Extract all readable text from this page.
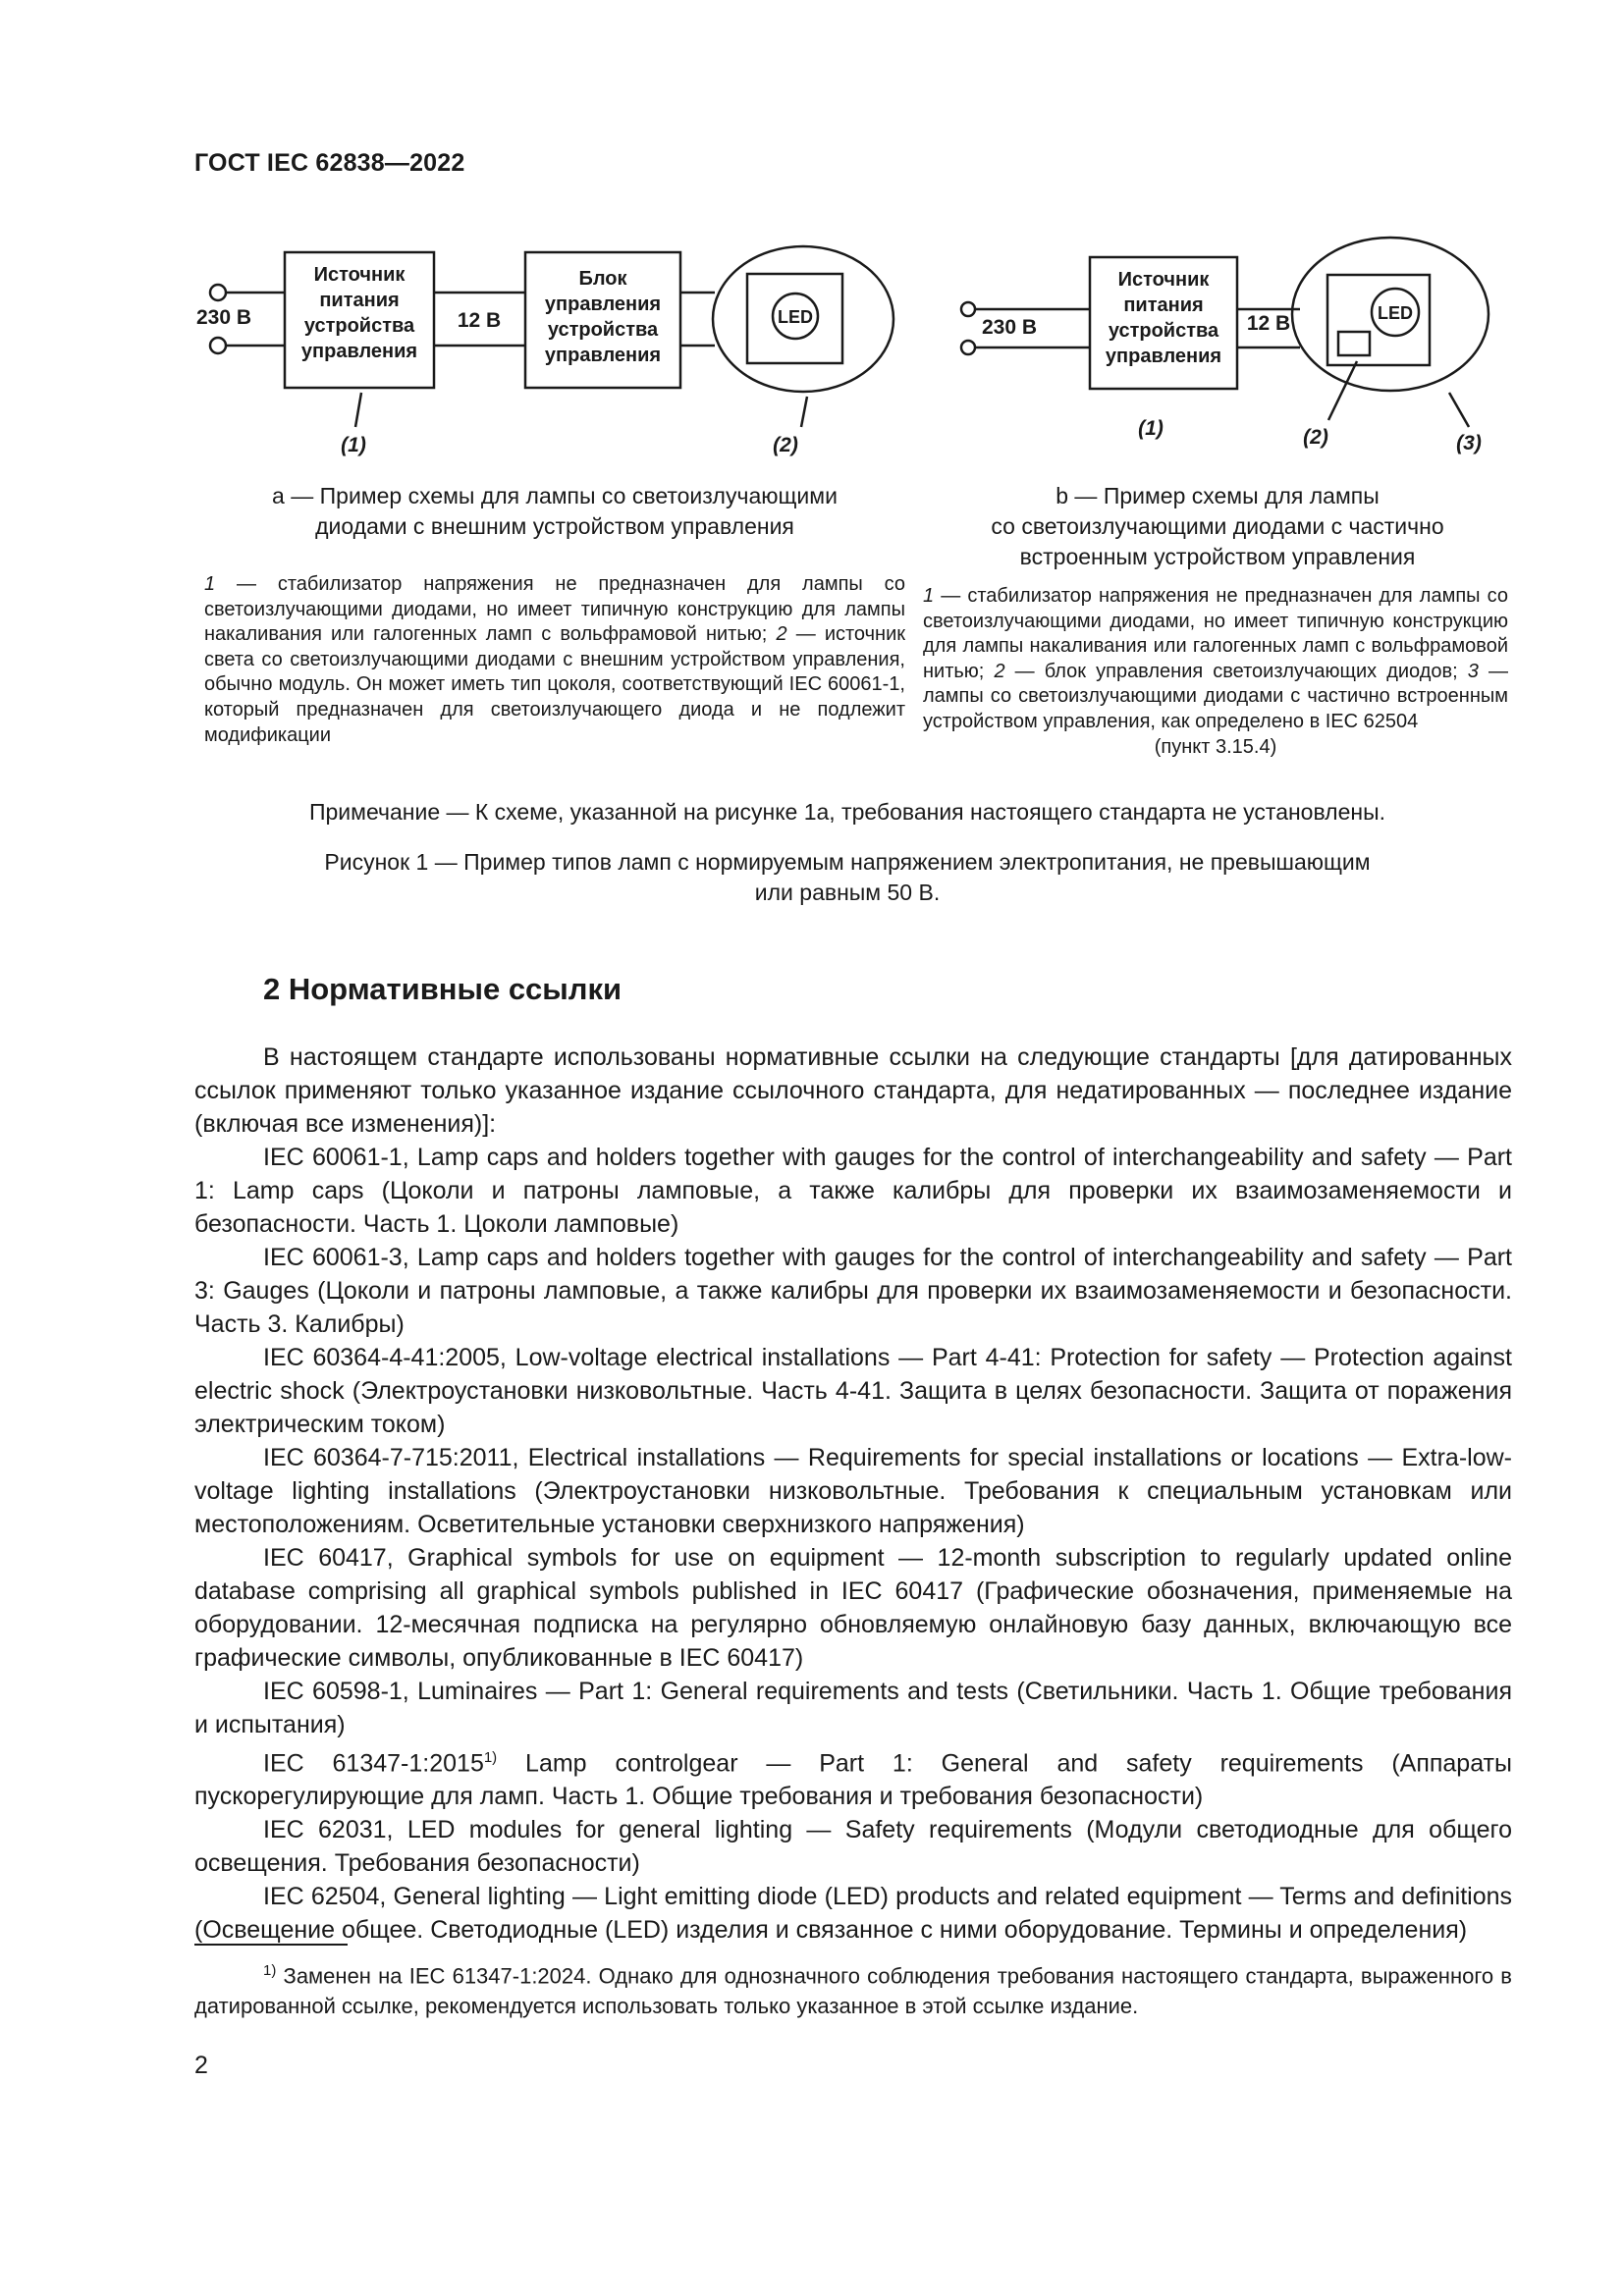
ГОСТ IEC 62838—2022
230 В
Источник
питания
устройства
управления
12 В
Блок
управления
устройства
управления
LED
(1)	(2)
230 В
Источник
питания
устройства
управления
12 В	LED
(1)	(2)	(3)
a — Пример схемы для лампы со светоизлучающими
диодами с внешним устройством управления
b — Пример схемы для лампы
со светоизлучающими диодами с частично
встроенным устройством управления

1 — стабилизатор напряжения не предназначен для лампы со светоизлучающими диодами, но имеет типичную конструкцию для лампы накаливания или галогенных ламп с вольфрамовой нитью; 2 — источник света со светоизлучающими диодами с внешним устройством управления, обычно модуль. Он может иметь тип цоколя, соответствующий IEC 60061-1, который предназначен для светоизлучающего диода и не подлежит модификации

1 — стабилизатор напряжения не предназначен для лампы со светоизлучающими диодами, но имеет типичную конструкцию для лампы накаливания или галогенных ламп с вольфрамовой нитью; 2 — блок управления светоизлучающих диодов; 3 — лампы со светоизлучающими диодами с частично встроенным устройством управления, как определено в IEC 62504

(пункт 3.15.4)

Примечание — К схеме, указанной на рисунке 1а, требования настоящего стандарта не установлены.
Рисунок 1 — Пример типов ламп с нормируемым напряжением электропитания, не превышающим
или равным 50 В.
2 Нормативные ссылки

В настоящем стандарте использованы нормативные ссылки на следующие стандарты [для датированных ссылок применяют только указанное издание ссылочного стандарта, для недатированных — последнее издание (включая все изменения)]:

IEC 60061-1, Lamp caps and holders together with gauges for the control of interchangeability and safety — Part 1: Lamp caps (Цоколи и патроны ламповые, а также калибры для проверки их взаимозаменяемости и безопасности. Часть 1. Цоколи ламповые)

IEC 60061-3, Lamp caps and holders together with gauges for the control of interchangeability and safety — Part 3: Gauges (Цоколи и патроны ламповые, а также калибры для проверки их взаимозаменяемости и безопасности. Часть 3. Калибры)

IEC 60364-4-41:2005, Low-voltage electrical installations — Part 4-41: Protection for safety — Protection against electric shock (Электроустановки низковольтные. Часть 4-41. Защита в целях безопасности. Защита от поражения электрическим током)

IEC 60364-7-715:2011, Electrical installations — Requirements for special installations or locations — Extra-low-voltage lighting installations (Электроустановки низковольтные. Требования к специальным установкам или местоположениям. Осветительные установки сверхнизкого напряжения)

IEC 60417, Graphical symbols for use on equipment — 12-month subscription to regularly updated online database comprising all graphical symbols published in IEC 60417 (Графические обозначения, применяемые на оборудовании. 12-месячная подписка на регулярно обновляемую онлайновую базу данных, включающую все графические символы, опубликованные в IEC 60417)

IEC 60598-1, Luminaires — Part 1: General requirements and tests (Светильники. Часть 1. Общие требования и испытания)

IEC 61347-1:2015$^{1)}$ Lamp controlgear — Part 1: General and safety requirements (Аппараты пускорегулирующие для ламп. Часть 1. Общие требования и требования безопасности)

IEC 62031, LED modules for general lighting — Safety requirements (Модули светодиодные для общего освещения. Требования безопасности)

IEC 62504, General lighting — Light emitting diode (LED) products and related equipment — Terms and definitions (Освещение общее. Светодиодные (LED) изделия и связанное с ними оборудование. Термины и определения)

$^{1)}$ Заменен на IEC 61347-1:2024. Однако для однозначного соблюдения требования настоящего стандарта, выраженного в датированной ссылке, рекомендуется использовать только указанное в этой ссылке издание.

2
